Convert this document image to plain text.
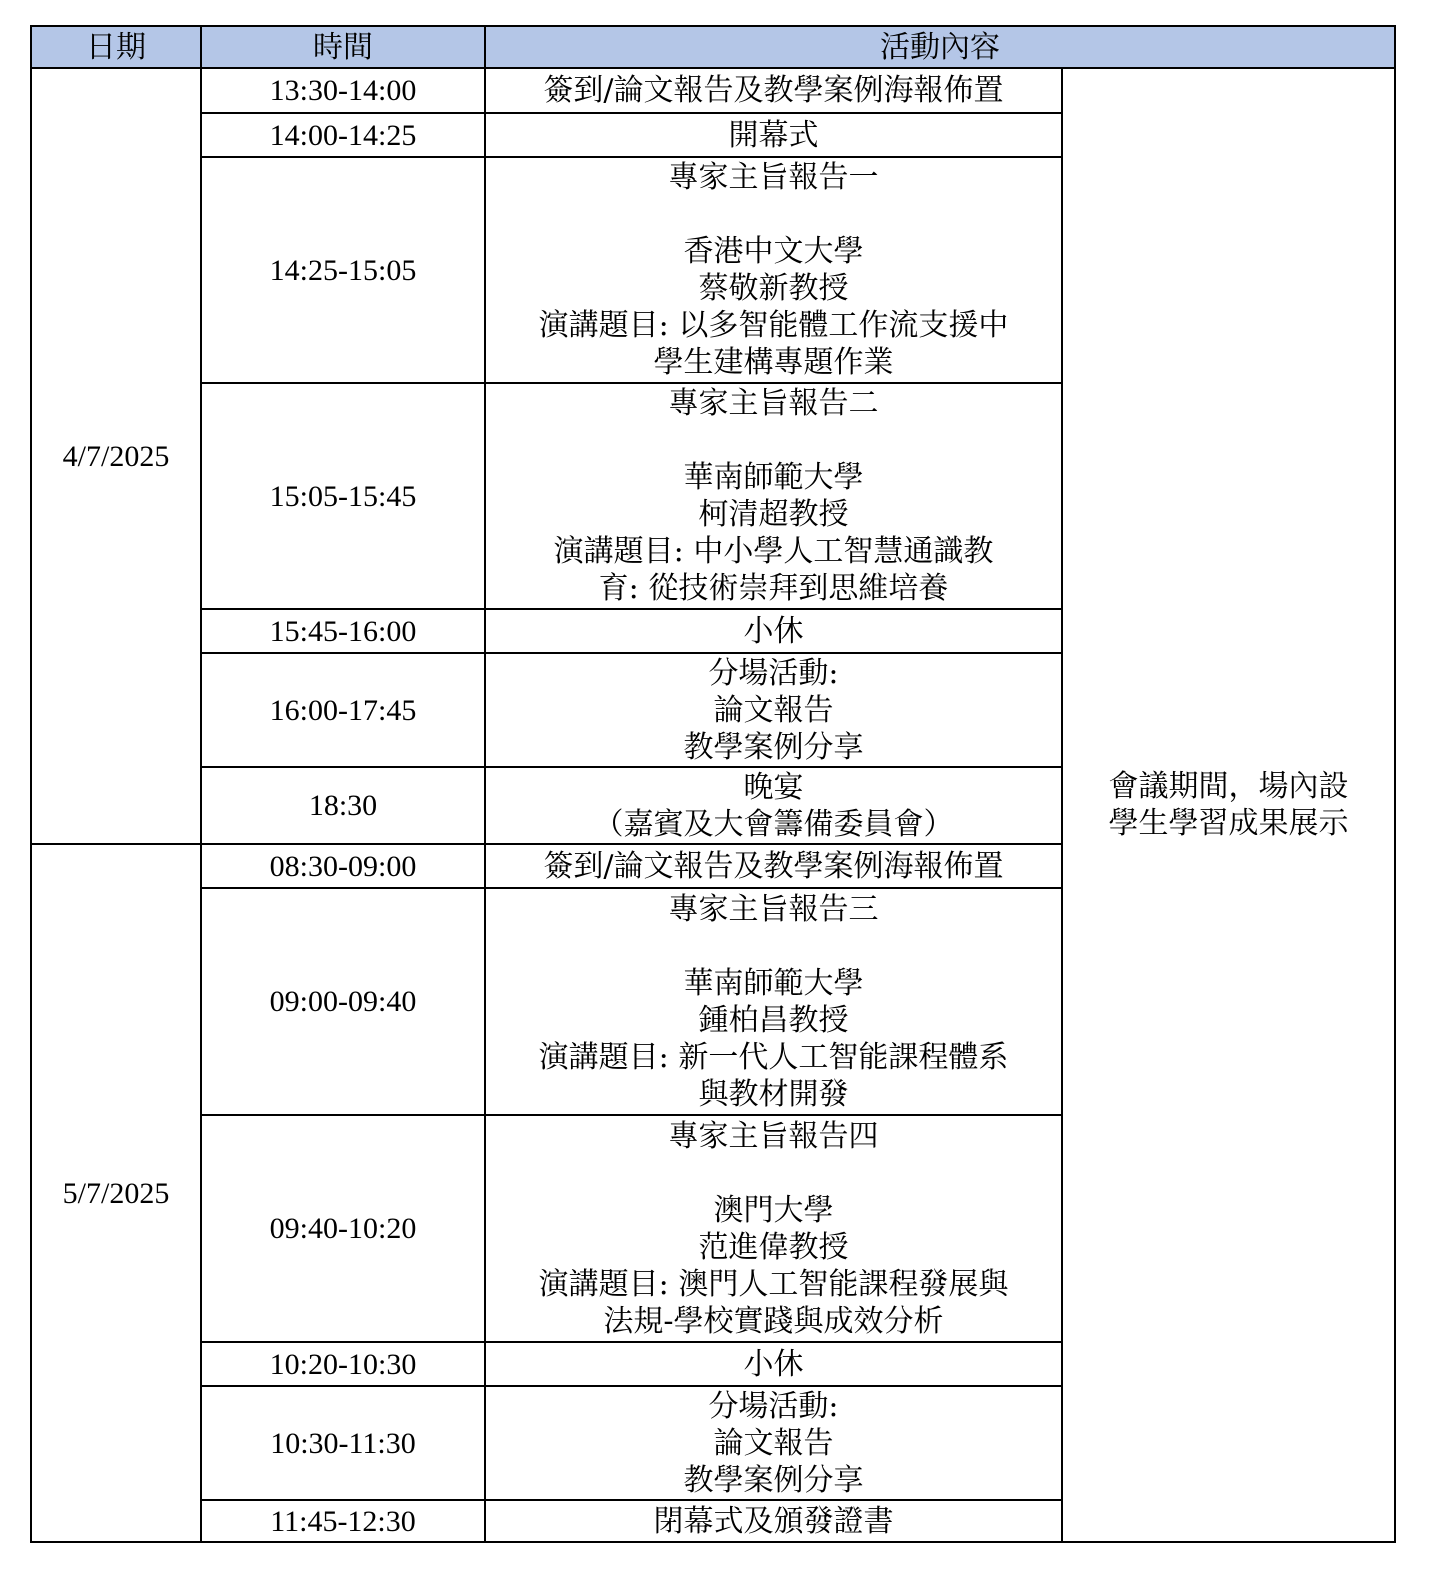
日期	時間	活動內容	
4/7/2025	13:30-14:00	簽到/論文報告及教學案例海報佈置	會議期間，場內設
學生學習成果展示

	14:00-14:25	開幕式	

	14:25-15:05	專家主旨報告一
香港中文大學
蔡敬新教授
演講題目: 以多智能體工作流支援中
學生建構專題作業	

	15:05-15:45	專家主旨報告二
華南師範大學
柯清超教授
演講題目: 中小學人工智慧通識教
育: 從技術崇拜到思維培養	

	15:45-16:00	小休	

	16:00-17:45	分場活動:
論文報告
教學案例分享	

	18:30	晚宴
（嘉賓及大會籌備委員會）	

5/7/2025	08:30-09:00	簽到/論文報告及教學案例海報佈置	

	09:00-09:40	專家主旨報告三
華南師範大學
鍾柏昌教授
演講題目: 新一代人工智能課程體系
與教材開發	

	09:40-10:20	專家主旨報告四
澳門大學
范進偉教授
演講題目: 澳門人工智能課程發展與
法規-學校實踐與成效分析	

	10:20-10:30	小休	

	10:30-11:30	分場活動:
論文報告
教學案例分享	

	11:45-12:30	閉幕式及頒發證書	
